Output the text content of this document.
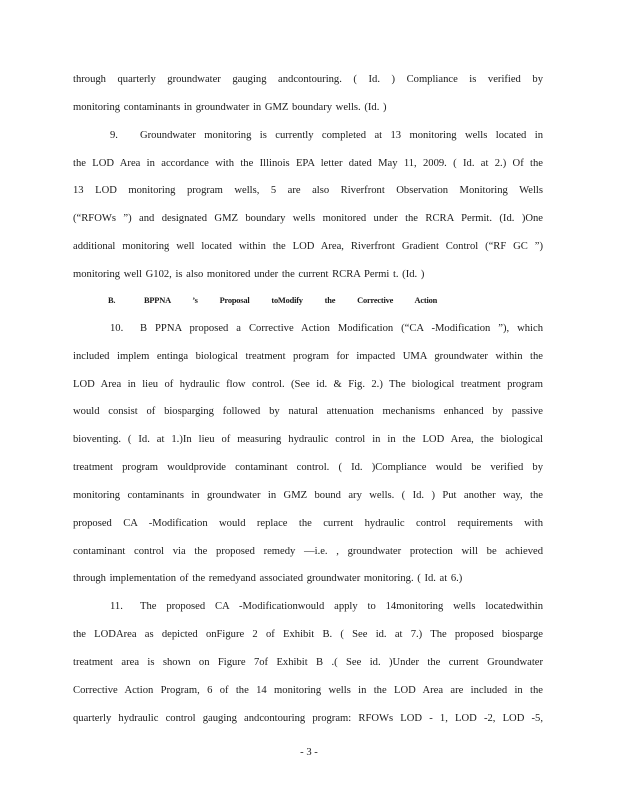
through quarterly groundwater gauging andcontouring. ( Id. ) Compliance is verified by
monitoring contaminants in groundwater in GMZ boundary wells. (Id. )
9. Groundwater monitoring is currently completed at 13 monitoring wells located in
the LOD Area in accordance with the Illinois EPA letter dated May 11, 2009. ( Id. at 2.) Of the
13 LOD monitoring program wells, 5 are also Riverfront Observation Monitoring Wells
(“RFOWs ”) and designated GMZ boundary wells monitored under the RCRA Permit. (Id. )One
additional monitoring well located within the LOD Area, Riverfront Gradient Control (“RF GC ”)
monitoring well G102, is also monitored under the current RCRA Permi t. (Id. )
B.	BPPNA ’s Proposal toModify the Corrective Action
10. B PPNA proposed a Corrective Action Modification (“CA -Modification ”), which
included implem entinga biological treatment program for impacted UMA groundwater within the
LOD Area in lieu of hydraulic flow control. (See id. & Fig. 2.) The biological treatment program
would consist of biosparging followed by natural attenuation mechanisms enhanced by passive
bioventing. ( Id. at 1.)In lieu of measuring hydraulic control in in the LOD Area, the biological
treatment program wouldprovide contaminant control. ( Id. )Compliance would be verified by
monitoring contaminants in groundwater in GMZ bound ary wells. ( Id. ) Put another way, the
proposed CA -Modification would replace the current hydraulic control requirements with
contaminant control via the proposed remedy —i.e. , groundwater protection will be achieved
through implementation of the remedyand associated groundwater monitoring. ( Id. at 6.)
11. The proposed CA -Modificationwould apply to 14monitoring wells locatedwithin
the LODArea as depicted onFigure 2 of Exhibit B. ( See id. at 7.) The proposed biosparge
treatment area is shown on Figure 7of Exhibit B .( See id. )Under the current Groundwater
Corrective Action Program, 6 of the 14 monitoring wells in the LOD Area are included in the
quarterly hydraulic control gauging andcontouring program: RFOWs LOD - 1, LOD -2, LOD -5,
- 3 -
